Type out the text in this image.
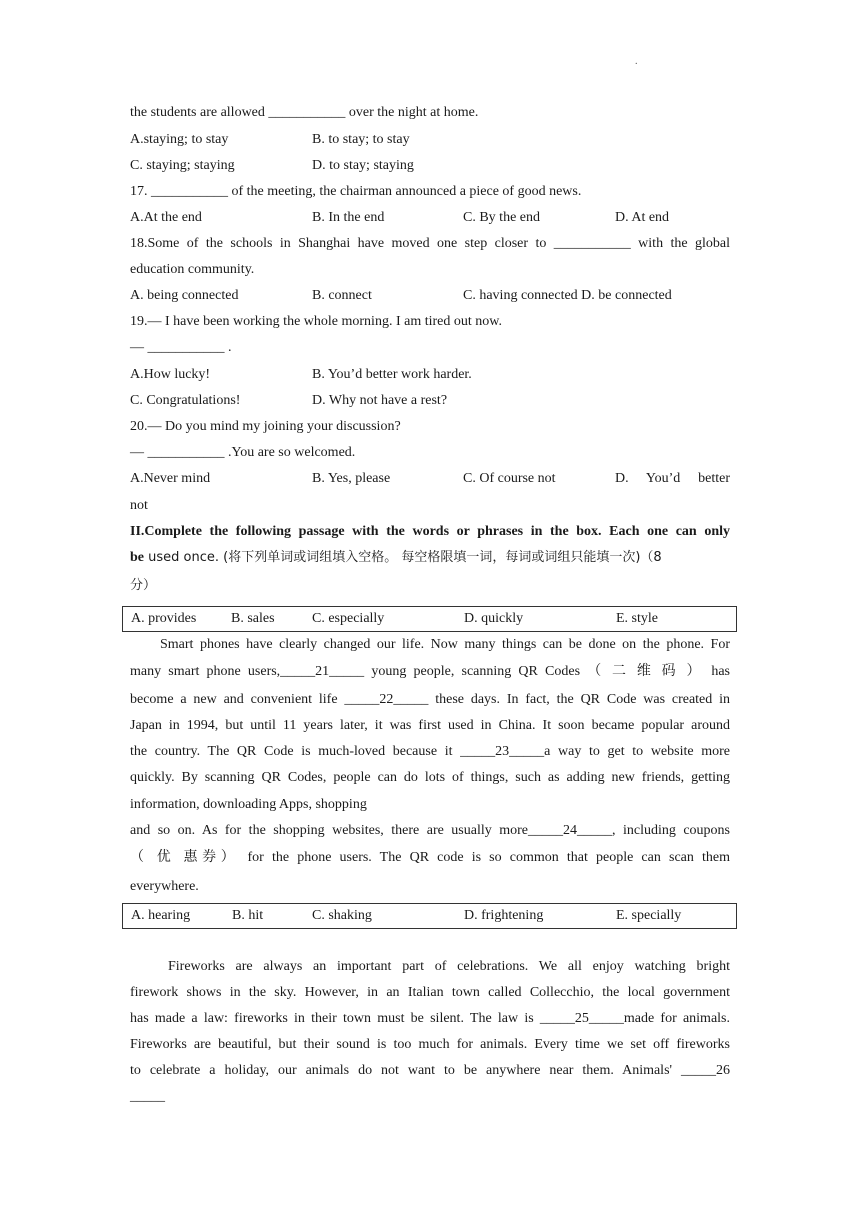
.
the students are allowed ___________ over the night at home.
A.staying; to stay	B. to stay; to stay
C. staying; staying	D. to stay; staying
17. ___________ of the meeting, the chairman announced a piece of good news.
A.At the end	B. In the end	C. By the end	D. At end
18.Some of the schools in Shanghai have moved one step closer to ___________ with the global
education community.
A. being connected	B. connect	C. having connected D. be connected
19.— I have been working the whole morning. I am tired out now.
— ___________ .
A.How lucky!	B. You’d better work harder.
C. Congratulations!	D. Why not have a rest?
20.— Do you mind my joining your discussion?
— ___________ .You are so welcomed.
A.Never mind	B. Yes, please	C. Of course not	D. You’d better
not
II.Complete the following passage with the words or phrases in the box. Each one can only
be used once. (将下列单词或词组填入空格。 每空格限填一词，每词或词组只能填一次)（8
分）
A. provides B. sales	C. especially	D. quickly	E. style
Smart phones have clearly changed our life. Now many things can be done on the phone. For
many smart phone users,_____21_____ young people, scanning QR Codes （ 二 维 码 ） has
become a new and convenient life _____22_____ these days. In fact, the QR Code was created in
Japan in 1994, but until 11 years later, it was first used in China. It soon became popular around
the country. The QR Code is much-loved because it _____23_____a way to get to website more
quickly. By scanning QR Codes, people can do lots of things, such as adding new friends, getting
information, downloading Apps, shopping
and so on. As for the shopping websites, there are usually more_____24_____, including coupons
（ 优 惠券） for the phone users. The QR code is so common that people can scan them
everywhere.
A. hearing	B. hit	C. shaking	D. frightening	E. specially
Fireworks are always an important part of celebrations. We all enjoy watching bright
firework shows in the sky. However, in an Italian town called Collecchio, the local government
has made a law: fireworks in their town must be silent. The law is _____25_____made for animals.
Fireworks are beautiful, but their sound is too much for animals. Every time we set off fireworks
to celebrate a holiday, our animals do not want to be anywhere near them. Animals' _____26
_____
